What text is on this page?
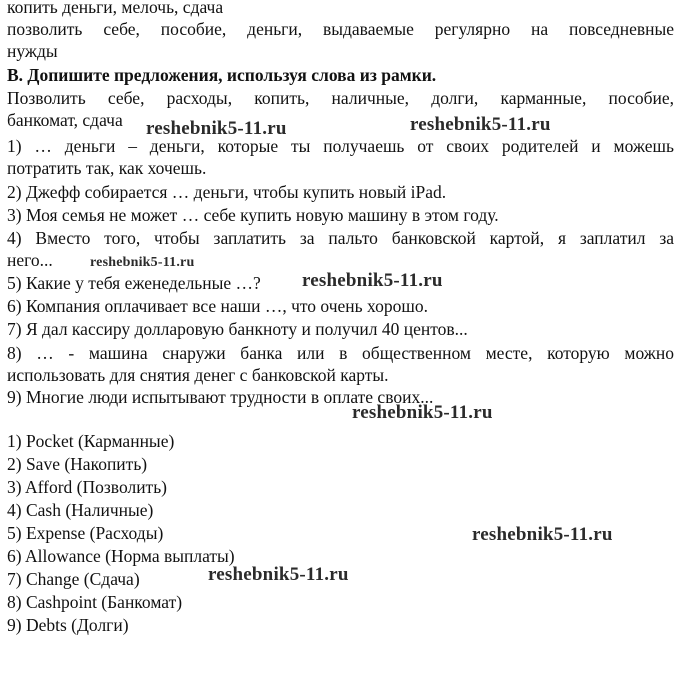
копить деньги, мелочь, сдача
позволить себе, пособие, деньги, выдаваемые регулярно на повседневные
нужды
B. Допишите предложения, используя слова из рамки.
Позволить себе, расходы, копить, наличные, долги, карманные, пособие,
банкомат, сдача
1) … деньги – деньги, которые ты получаешь от своих родителей и можешь
потратить так, как хочешь.
2) Джефф собирается … деньги, чтобы купить новый iPad.
3) Моя семья не может … себе купить новую машину в этом году.
4) Вместо того, чтобы заплатить за пальто банковской картой, я заплатил за
него...
5) Какие у тебя еженедельные …?
6) Компания оплачивает все наши …, что очень хорошо.
7) Я дал кассиру долларовую банкноту и получил 40 центов...
8) … - машина снаружи банка или в общественном месте, которую можно
использовать для снятия денег с банковской карты.
9) Многие люди испытывают трудности в оплате своих...
1) Pocket (Карманные)
2) Save (Накопить)
3) Afford (Позволить)
4) Cash (Наличные)
5) Expense (Расходы)
6) Allowance (Норма выплаты)
7) Change (Сдача)
8) Cashpoint (Банкомат)
9) Debts (Долги)
reshebnik5-11.ru	reshebnik5-11.ru
reshebnik5-11.ru
reshebnik5-11.ru
reshebnik5-11.ru
reshebnik5-11.ru
reshebnik5-11.ru
